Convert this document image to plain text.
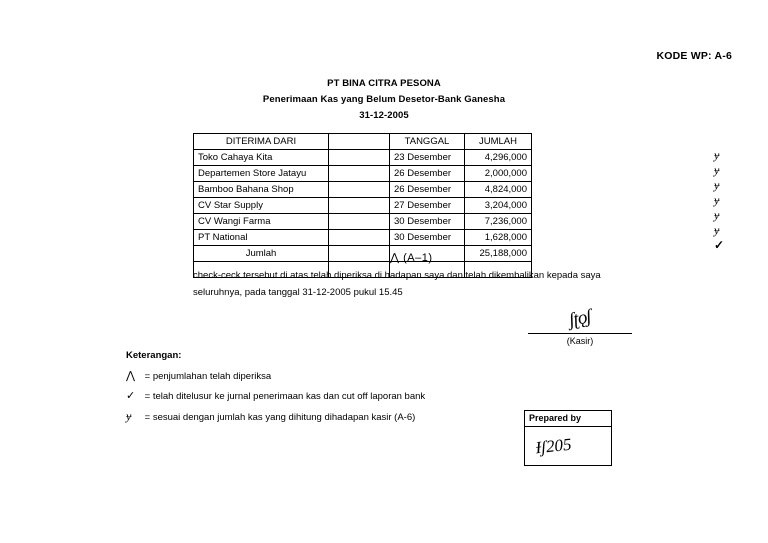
KODE WP: A-6
PT BINA CITRA PESONA
Penerimaan Kas yang Belum Desetor-Bank Ganesha
31-12-2005
DITERIMA DARI		TANGGAL	JUMLAH
Toko Cahaya Kita		23 Desember	4,296,000
Departemen Store Jatayu		26 Desember	2,000,000
Bamboo Bahana Shop		26 Desember	4,824,000
CV Star Supply		27 Desember	3,204,000
CV Wangi Farma		30 Desember	7,236,000
PT National		30 Desember	1,628,000
Jumlah			25,188,000

ɏ
ɏ
ɏ
ɏ
ɏ
ɏ
✓
⋀ (A–1)
check-ceck tersebut di atas telah diperiksa di hadapan saya dan telah dikembalikan kepada saya
seluruhnya, pada tanggal 31-12-2005 pukul 15.45
ʃʈǫʃ
(Kasir)
Keterangan:
⋀ = penjumlahan telah diperiksa
✓ = telah ditelusur ke jurnal penerimaan kas dan cut off laporan bank
ɏ = sesuai dengan jumlah kas yang dihitung dihadapan kasir (A-6)	Prepared by
Ɨʃ205
